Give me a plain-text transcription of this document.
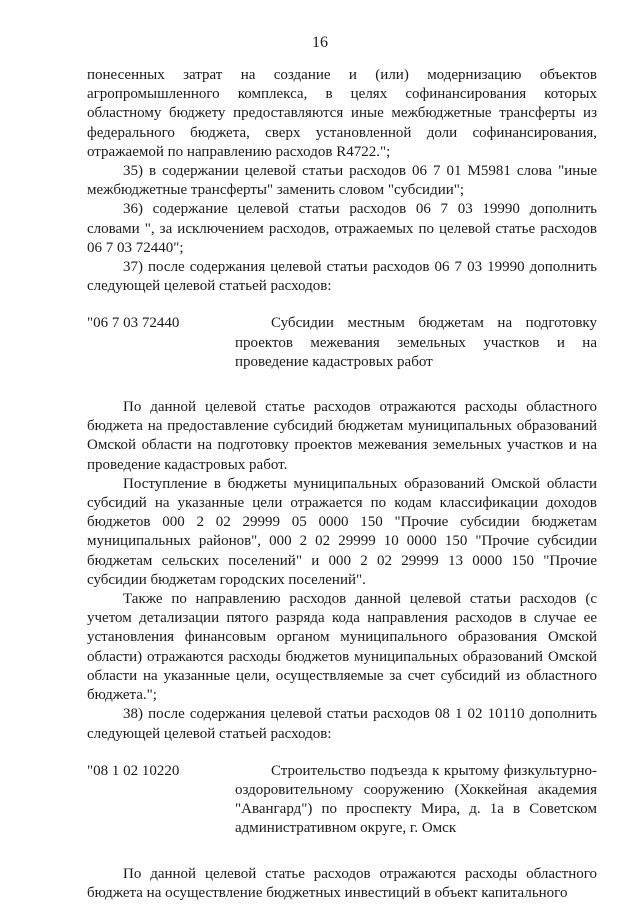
16

понесенных затрат на создание и (или) модернизацию объектов агропромышленного комплекса, в целях софинансирования которых областному бюджету предоставляются иные межбюджетные трансферты из федерального бюджета, сверх установленной доли софинансирования, отражаемой по направлению расходов R4722.";

35) в содержании целевой статьи расходов 06 7 01 M5981 слова "иные межбюджетные трансферты" заменить словом "субсидии";

36) содержание целевой статьи расходов 06 7 03 19990 дополнить словами ", за исключением расходов, отражаемых по целевой статье расходов 06 7 03 72440";

37) после содержания целевой статьи расходов 06 7 03 19990 дополнить следующей целевой статьей расходов:

"06 7 03 72440	Субсидии местным бюджетам на подготовку проектов межевания земельных участков и на проведение кадастровых работ

По данной целевой статье расходов отражаются расходы областного бюджета на предоставление субсидий бюджетам муниципальных образований Омской области на подготовку проектов межевания земельных участков и на проведение кадастровых работ.

Поступление в бюджеты муниципальных образований Омской области субсидий на указанные цели отражается по кодам классификации доходов бюджетов 000 2 02 29999 05 0000 150 "Прочие субсидии бюджетам муниципальных районов", 000 2 02 29999 10 0000 150 "Прочие субсидии бюджетам сельских поселений" и 000 2 02 29999 13 0000 150 "Прочие субсидии бюджетам городских поселений".

Также по направлению расходов данной целевой статьи расходов (с учетом детализации пятого разряда кода направления расходов в случае ее установления финансовым органом муниципального образования Омской области) отражаются расходы бюджетов муниципальных образований Омской области на указанные цели, осуществляемые за счет субсидий из областного бюджета.";

38) после содержания целевой статьи расходов 08 1 02 10110 дополнить следующей целевой статьей расходов:

"08 1 02 10220	Строительство подъезда к крытому физкультурно-оздоровительному сооружению (Хоккейная академия "Авангард") по проспекту Мира, д. 1а в Советском административном округе, г. Омск

По данной целевой статье расходов отражаются расходы областного бюджета на осуществление бюджетных инвестиций в объект капитального
